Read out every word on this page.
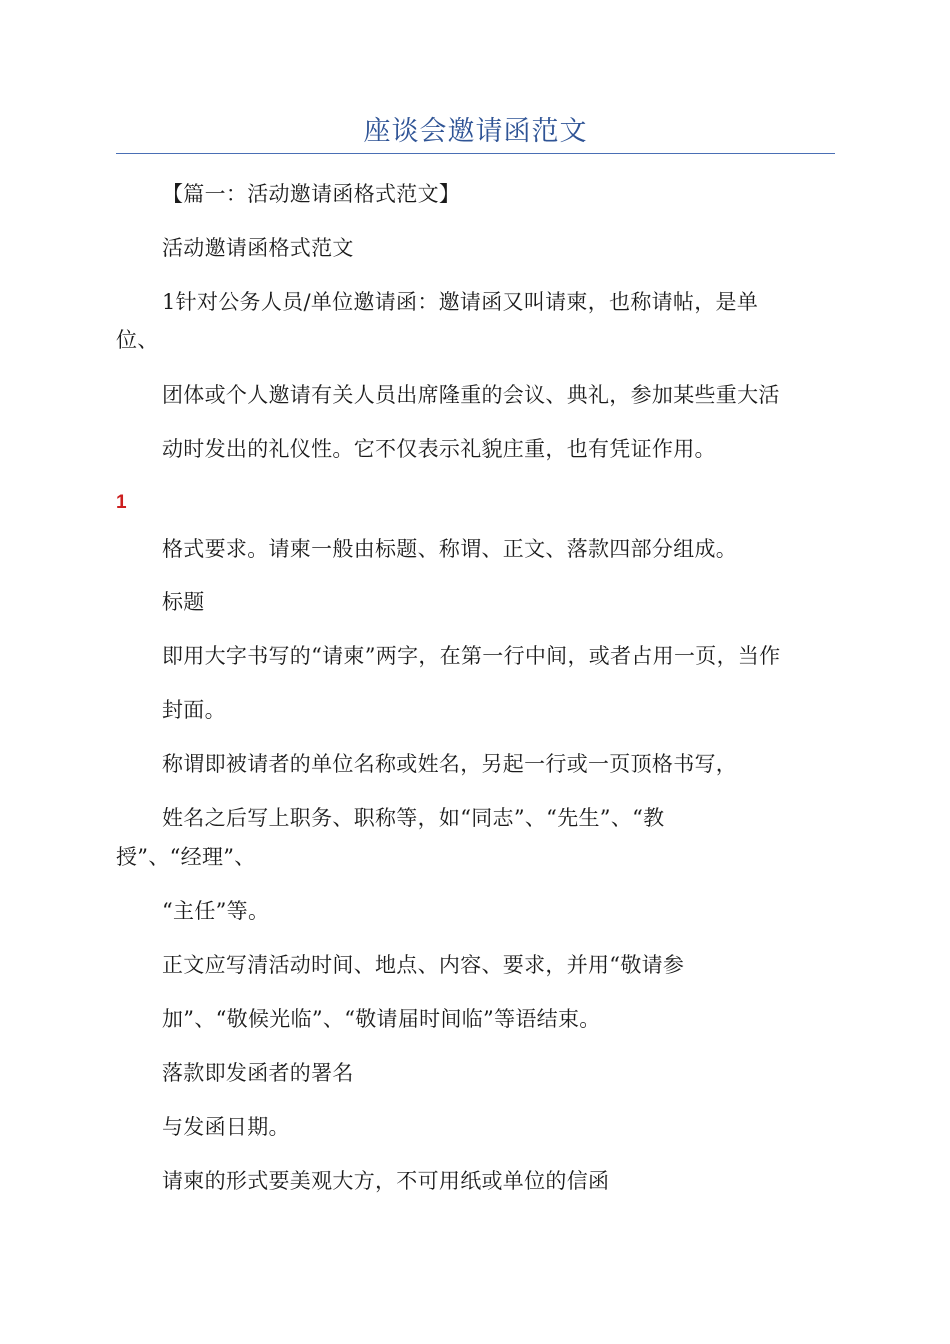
座谈会邀请函范文
【篇一：活动邀请函格式范文】
活动邀请函格式范文
1针对公务人员/单位邀请函：邀请函又叫请柬，也称请帖，是单
位、
团体或个人邀请有关人员出席隆重的会议、典礼，参加某些重大活
动时发出的礼仪性。它不仅表示礼貌庄重，也有凭证作用。
1
格式要求。请柬一般由标题、称谓、正文、落款四部分组成。
标题
即用大字书写的“请柬”两字，在第一行中间，或者占用一页，当作
封面。
称谓即被请者的单位名称或姓名，另起一行或一页顶格书写，
姓名之后写上职务、职称等，如“同志”、“先生”、“教
授”、“经理”、
“主任”等。
正文应写清活动时间、地点、内容、要求，并用“敬请参
加”、“敬候光临”、“敬请届时间临”等语结束。
落款即发函者的署名
与发函日期。
请柬的形式要美观大方，不可用纸或单位的信函
